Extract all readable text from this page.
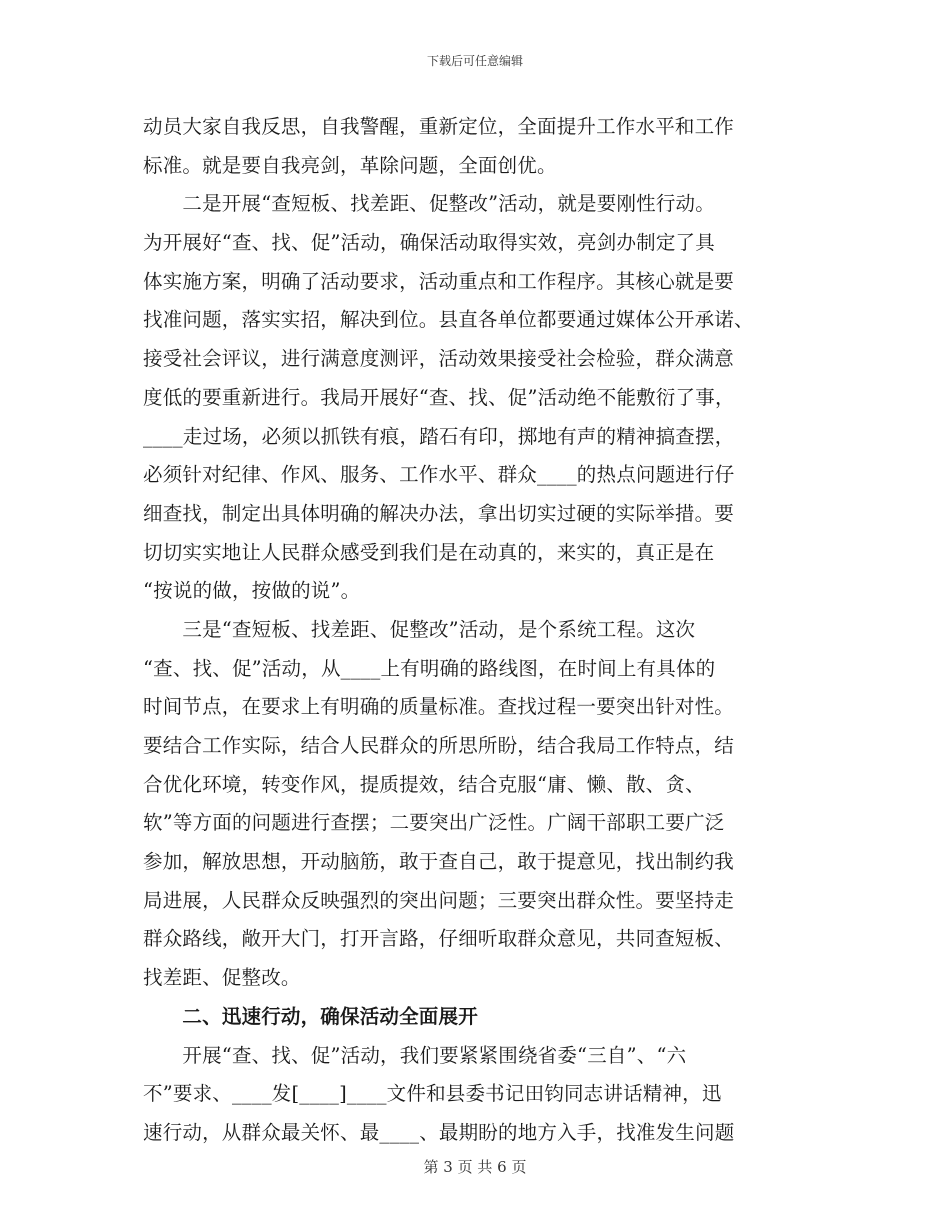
下载后可任意编辑
动员大家自我反思，自我警醒，重新定位，全面提升工作水平和工作
标准。就是要自我亮剑，革除问题，全面创优。
　　二是开展“查短板、找差距、促整改”活动，就是要刚性行动。
为开展好“查、找、促”活动，确保活动取得实效，亮剑办制定了具
体实施方案，明确了活动要求，活动重点和工作程序。其核心就是要
找准问题，落实实招，解决到位。县直各单位都要通过媒体公开承诺、
接受社会评议，进行满意度测评，活动效果接受社会检验，群众满意
度低的要重新进行。我局开展好“查、找、促”活动绝不能敷衍了事，
____走过场，必须以抓铁有痕，踏石有印，掷地有声的精神搞查摆，
必须针对纪律、作风、服务、工作水平、群众____的热点问题进行仔
细查找，制定出具体明确的解决办法，拿出切实过硬的实际举措。要
切切实实地让人民群众感受到我们是在动真的，来实的，真正是在
“按说的做，按做的说”。
　　三是“查短板、找差距、促整改”活动，是个系统工程。这次
“查、找、促”活动，从____上有明确的路线图，在时间上有具体的
时间节点，在要求上有明确的质量标准。查找过程一要突出针对性。
要结合工作实际，结合人民群众的所思所盼，结合我局工作特点，结
合优化环境，转变作风，提质提效，结合克服“庸、懒、散、贪、
软”等方面的问题进行查摆；二要突出广泛性。广阔干部职工要广泛
参加，解放思想，开动脑筋，敢于查自己，敢于提意见，找出制约我
局进展，人民群众反映强烈的突出问题；三要突出群众性。要坚持走
群众路线，敞开大门，打开言路，仔细听取群众意见，共同查短板、
找差距、促整改。
　　二、迅速行动，确保活动全面展开
　　开展“查、找、促”活动，我们要紧紧围绕省委“三自”、“六
不”要求、____发[____]____文件和县委书记田钧同志讲话精神，迅
速行动，从群众最关怀、最____、最期盼的地方入手，找准发生问题
第 3 页 共 6 页
